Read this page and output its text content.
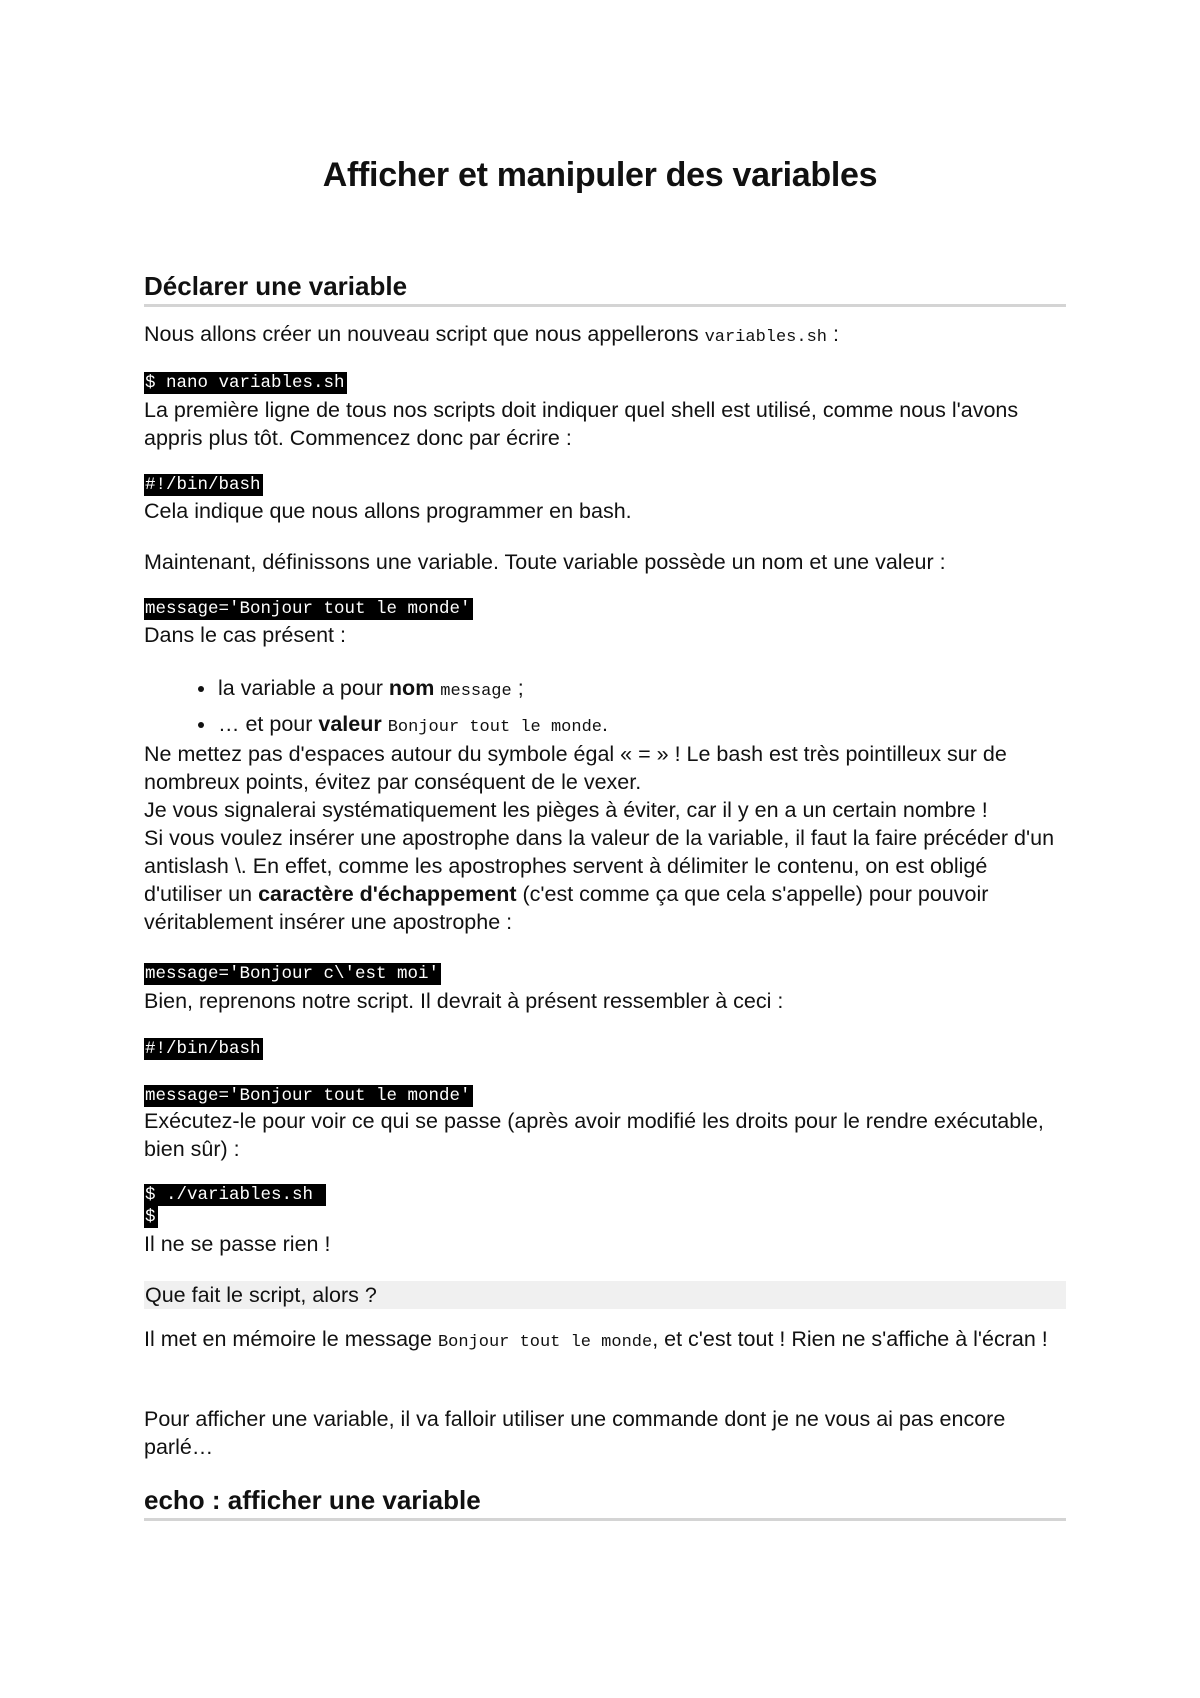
Afficher et manipuler des variables
Déclarer une variable

Nous allons créer un nouveau script que nous appellerons variables.sh :

$ nano variables.sh

La première ligne de tous nos scripts doit indiquer quel shell est utilisé, comme nous l'avons appris plus tôt. Commencez donc par écrire :

#!/bin/bash

Cela indique que nous allons programmer en bash.

Maintenant, définissons une variable. Toute variable possède un nom et une valeur :

message='Bonjour tout le monde'

Dans le cas présent :

• la variable a pour nom message ;
• … et pour valeur Bonjour tout le monde.

Ne mettez pas d'espaces autour du symbole égal « = » ! Le bash est très pointilleux sur de nombreux points, évitez par conséquent de le vexer.

Je vous signalerai systématiquement les pièges à éviter, car il y en a un certain nombre !

Si vous voulez insérer une apostrophe dans la valeur de la variable, il faut la faire précéder d'un antislash \. En effet, comme les apostrophes servent à délimiter le contenu, on est obligé d'utiliser un caractère d'échappement (c'est comme ça que cela s'appelle) pour pouvoir véritablement insérer une apostrophe :

message='Bonjour c\'est moi'

Bien, reprenons notre script. Il devrait à présent ressembler à ceci :

#!/bin/bash
message='Bonjour tout le monde'

Exécutez-le pour voir ce qui se passe (après avoir modifié les droits pour le rendre exécutable, bien sûr) :

$ ./variables.sh
$

Il ne se passe rien !

Que fait le script, alors ?

Il met en mémoire le message Bonjour tout le monde, et c'est tout ! Rien ne s'affiche à l'écran !

Pour afficher une variable, il va falloir utiliser une commande dont je ne vous ai pas encore parlé…

echo : afficher une variable
